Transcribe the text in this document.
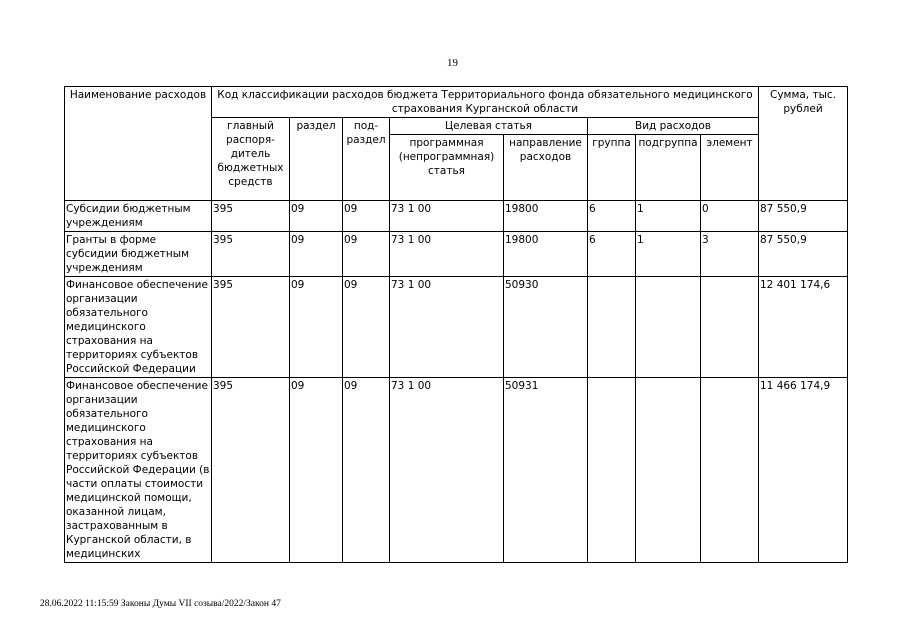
19
Наименование расходов	Код классификации расходов бюджета Территориального фонда обязательного медицинского страхования Курганской области								Сумма, тыс. рублей
	главный распоря-дитель бюджетных средств	раздел	под-раздел	Целевая статья		Вид расходов			
				программная (непрограммная) статья	направление расходов	группа	подгруппа	элемент	
Субсидии бюджетным учреждениям	395	09	09	73 1 00	19800	6	1	0	87 550,9
Гранты в форме субсидии бюджетным учреждениям	395	09	09	73 1 00	19800	6	1	3	87 550,9
Финансовое обеспечение организации обязательного медицинского страхования на территориях субъектов Российской Федерации	395	09	09	73 1 00	50930				12 401 174,6
Финансовое обеспечение организации обязательного медицинского страхования на территориях субъектов Российской Федерации (в части оплаты стоимости медицинской помощи, оказанной лицам, застрахованным в Курганской области, в медицинских	395	09	09	73 1 00	50931				11 466 174,9
28.06.2022 11:15:59 Законы Думы VII созыва/2022/Закон 47
